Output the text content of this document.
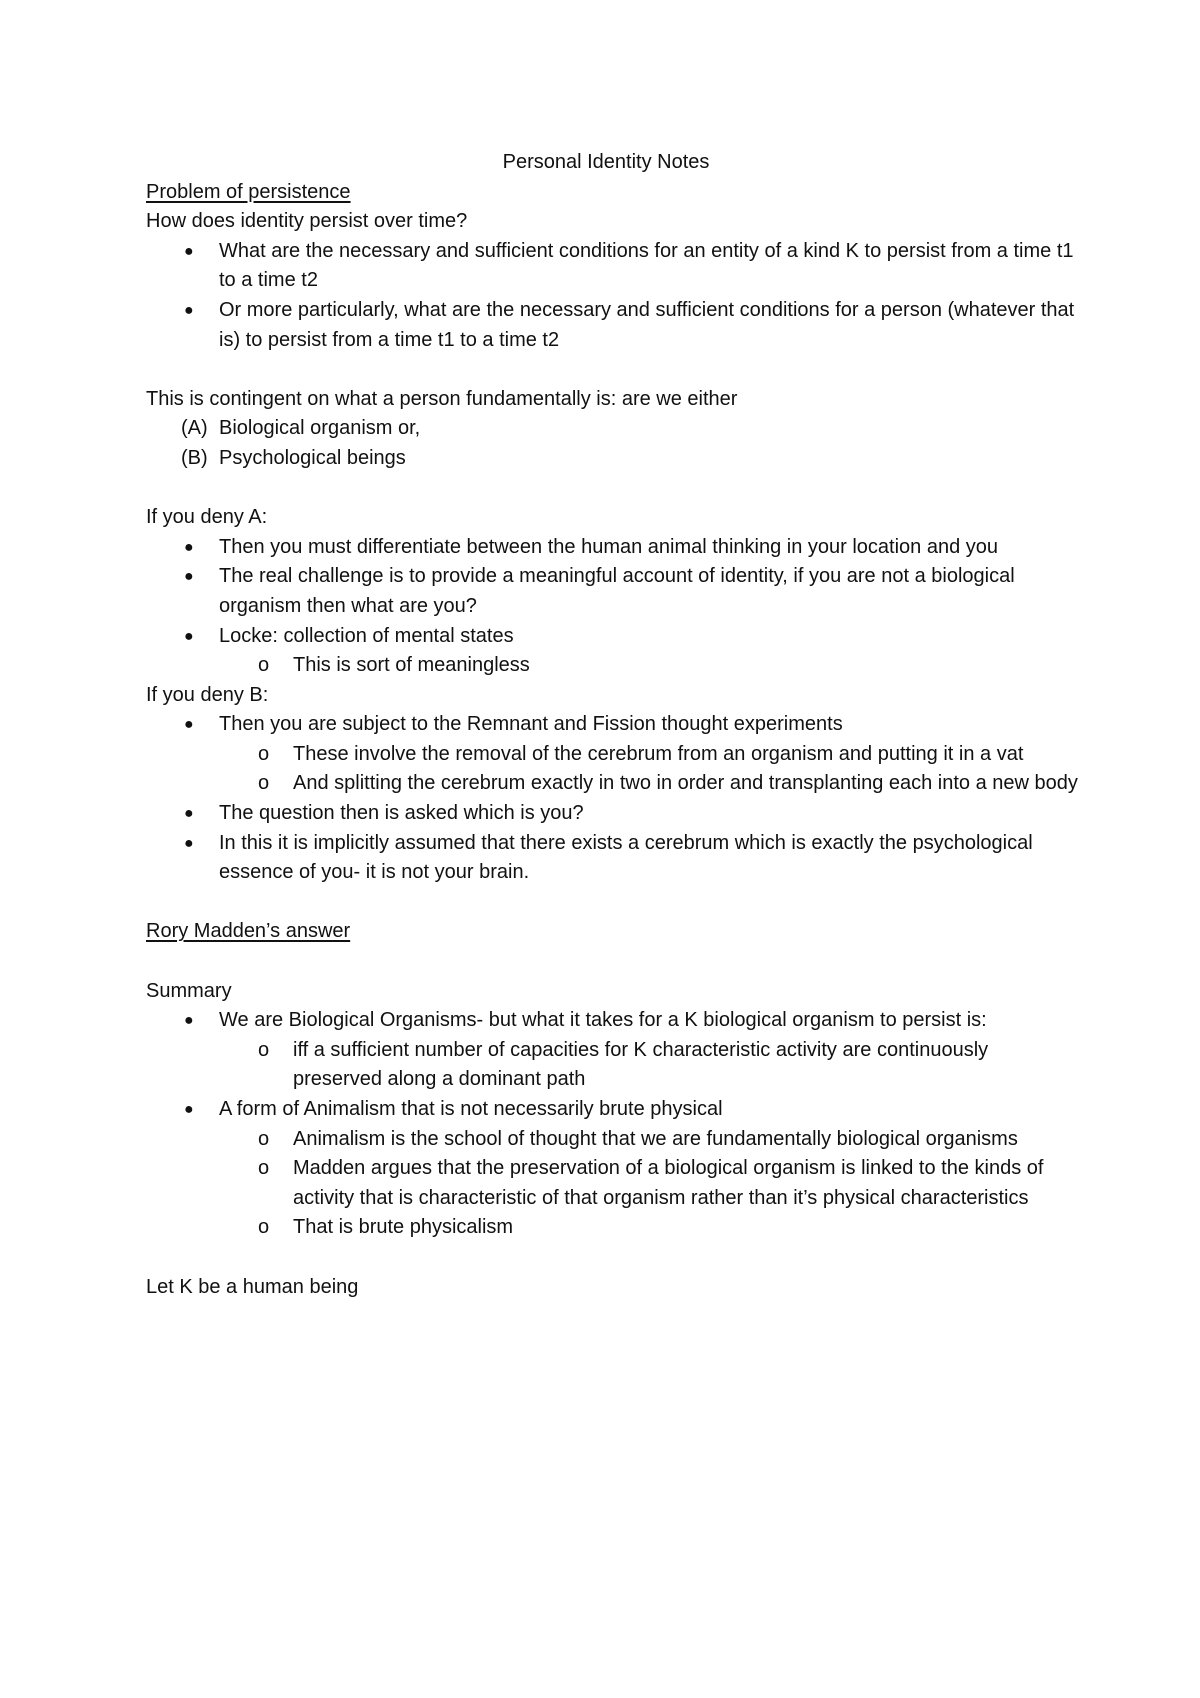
Personal Identity Notes
Problem of persistence
How does identity persist over time?
● What are the necessary and sufficient conditions for an entity of a kind K to persist from a time t1 to a time t2
● Or more particularly, what are the necessary and sufficient conditions for a person (whatever that is) to persist from a time t1 to a time t2
This is contingent on what a person fundamentally is: are we either
(A) Biological organism or,
(B) Psychological beings
If you deny A:
● Then you must differentiate between the human animal thinking in your location and you
● The real challenge is to provide a meaningful account of identity, if you are not a biological organism then what are you?
● Locke: collection of mental states
o This is sort of meaningless
If you deny B:
● Then you are subject to the Remnant and Fission thought experiments
o These involve the removal of the cerebrum from an organism and putting it in a vat
o And splitting the cerebrum exactly in two in order and transplanting each into a new body
● The question then is asked which is you?
● In this it is implicitly assumed that there exists a cerebrum which is exactly the psychological essence of you- it is not your brain.
Rory Madden’s answer
Summary
● We are Biological Organisms- but what it takes for a K biological organism to persist is:
o iff a sufficient number of capacities for K characteristic activity are continuously preserved along a dominant path
● A form of Animalism that is not necessarily brute physical
o Animalism is the school of thought that we are fundamentally biological organisms
o Madden argues that the preservation of a biological organism is linked to the kinds of activity that is characteristic of that organism rather than it’s physical characteristics
o That is brute physicalism
Let K be a human being
